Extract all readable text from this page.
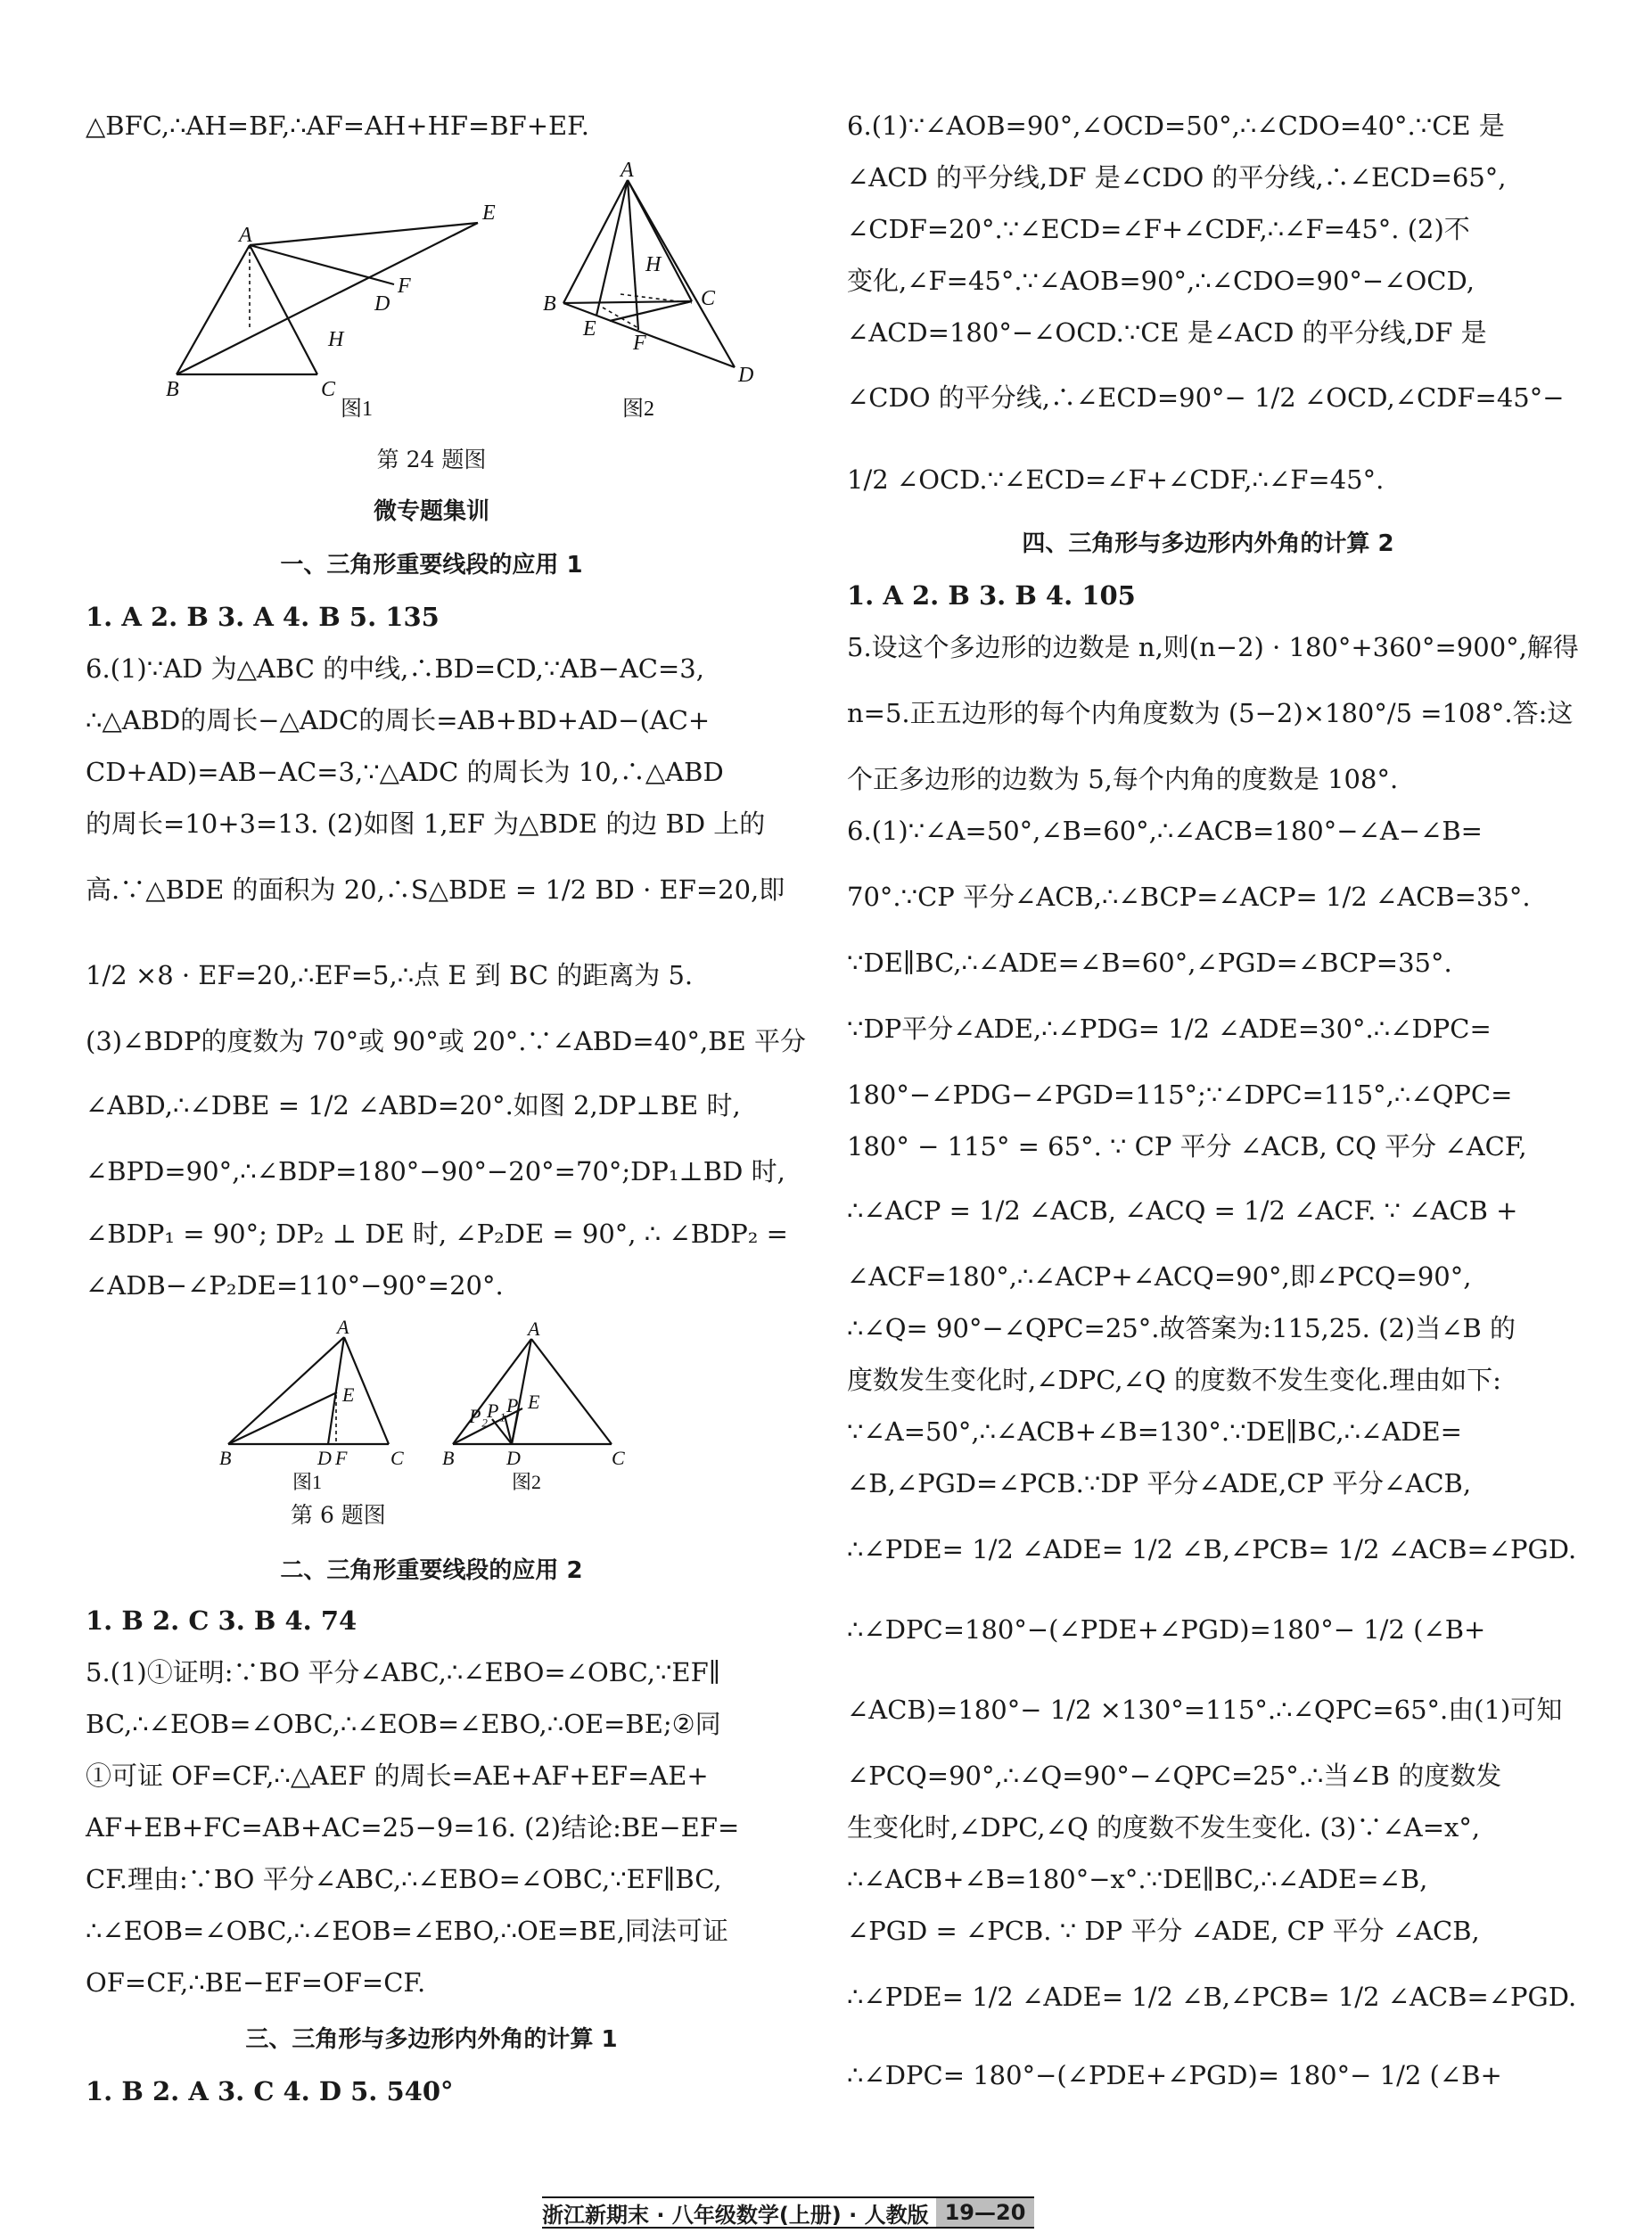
△BFC,∴AH=BF,∴AF=AH+HF=BF+EF.
A
E
F
D
H
B	C
A
H
B	C
E
F
D
图1	图2
第 24 题图
微专题集训
一、三角形重要线段的应用 1
1. A 2. B 3. A 4. B 5. 135
6.(1)∵AD 为△ABC 的中线,∴BD=CD,∵AB−AC=3,
∴△ABD的周长−△ADC的周长=AB+BD+AD−(AC+
CD+AD)=AB−AC=3,∵△ADC 的周长为 10,∴△ABD
的周长=10+3=13. (2)如图 1,EF 为△BDE 的边 BD 上的
高.∵△BDE 的面积为 20,∴S△BDE = 1/2 BD · EF=20,即
1/2 ×8 · EF=20,∴EF=5,∴点 E 到 BC 的距离为 5.
(3)∠BDP的度数为 70°或 90°或 20°.∵∠ABD=40°,BE 平分
∠ABD,∴∠DBE = 1/2 ∠ABD=20°.如图 2,DP⊥BE 时,
∠BPD=90°,∴∠BDP=180°−90°−20°=70°;DP₁⊥BD 时,
∠BDP₁ = 90°; DP₂ ⊥ DE 时, ∠P₂DE = 90°, ∴ ∠BDP₂ =
∠ADB−∠P₂DE=110°−90°=20°.
A
E
B	D F C
A
P
P₁
P₂
E
B	D	C
图1	图2
第 6 题图
二、三角形重要线段的应用 2
1. B 2. C 3. B 4. 74
5.(1)①证明:∵BO 平分∠ABC,∴∠EBO=∠OBC,∵EF∥
BC,∴∠EOB=∠OBC,∴∠EOB=∠EBO,∴OE=BE;②同
①可证 OF=CF,∴△AEF 的周长=AE+AF+EF=AE+
AF+EB+FC=AB+AC=25−9=16. (2)结论:BE−EF=
CF.理由:∵BO 平分∠ABC,∴∠EBO=∠OBC,∵EF∥BC,
∴∠EOB=∠OBC,∴∠EOB=∠EBO,∴OE=BE,同法可证
OF=CF,∴BE−EF=OF=CF.
三、三角形与多边形内外角的计算 1
1. B 2. A 3. C 4. D 5. 540°
6.(1)∵∠AOB=90°,∠OCD=50°,∴∠CDO=40°.∵CE 是
∠ACD 的平分线,DF 是∠CDO 的平分线,∴∠ECD=65°,
∠CDF=20°.∵∠ECD=∠F+∠CDF,∴∠F=45°. (2)不
变化,∠F=45°.∵∠AOB=90°,∴∠CDO=90°−∠OCD,
∠ACD=180°−∠OCD.∵CE 是∠ACD 的平分线,DF 是
∠CDO 的平分线,∴∠ECD=90°− 1/2 ∠OCD,∠CDF=45°−
1/2 ∠OCD.∵∠ECD=∠F+∠CDF,∴∠F=45°.
四、三角形与多边形内外角的计算 2
1. A 2. B 3. B 4. 105
5.设这个多边形的边数是 n,则(n−2) · 180°+360°=900°,解得
n=5.正五边形的每个内角度数为 (5−2)×180°/5 =108°.答:这
个正多边形的边数为 5,每个内角的度数是 108°.
6.(1)∵∠A=50°,∠B=60°,∴∠ACB=180°−∠A−∠B=
70°.∵CP 平分∠ACB,∴∠BCP=∠ACP= 1/2 ∠ACB=35°.
∵DE∥BC,∴∠ADE=∠B=60°,∠PGD=∠BCP=35°.
∵DP平分∠ADE,∴∠PDG= 1/2 ∠ADE=30°.∴∠DPC=
180°−∠PDG−∠PGD=115°;∵∠DPC=115°,∴∠QPC=
180° − 115° = 65°. ∵ CP 平分 ∠ACB, CQ 平分 ∠ACF,
∴∠ACP = 1/2 ∠ACB, ∠ACQ = 1/2 ∠ACF. ∵ ∠ACB +
∠ACF=180°,∴∠ACP+∠ACQ=90°,即∠PCQ=90°,
∴∠Q= 90°−∠QPC=25°.故答案为:115,25. (2)当∠B 的
度数发生变化时,∠DPC,∠Q 的度数不发生变化.理由如下:
∵∠A=50°,∴∠ACB+∠B=130°.∵DE∥BC,∴∠ADE=
∠B,∠PGD=∠PCB.∵DP 平分∠ADE,CP 平分∠ACB,
∴∠PDE= 1/2 ∠ADE= 1/2 ∠B,∠PCB= 1/2 ∠ACB=∠PGD.
∴∠DPC=180°−(∠PDE+∠PGD)=180°− 1/2 (∠B+
∠ACB)=180°− 1/2 ×130°=115°.∴∠QPC=65°.由(1)可知
∠PCQ=90°,∴∠Q=90°−∠QPC=25°.∴当∠B 的度数发
生变化时,∠DPC,∠Q 的度数不发生变化. (3)∵∠A=x°,
∴∠ACB+∠B=180°−x°.∵DE∥BC,∴∠ADE=∠B,
∠PGD = ∠PCB. ∵ DP 平分 ∠ADE, CP 平分 ∠ACB,
∴∠PDE= 1/2 ∠ADE= 1/2 ∠B,∠PCB= 1/2 ∠ACB=∠PGD.
∴∠DPC= 180°−(∠PDE+∠PGD)= 180°− 1/2 (∠B+
浙江新期末 · 八年级数学(上册) · 人教版 19—20
